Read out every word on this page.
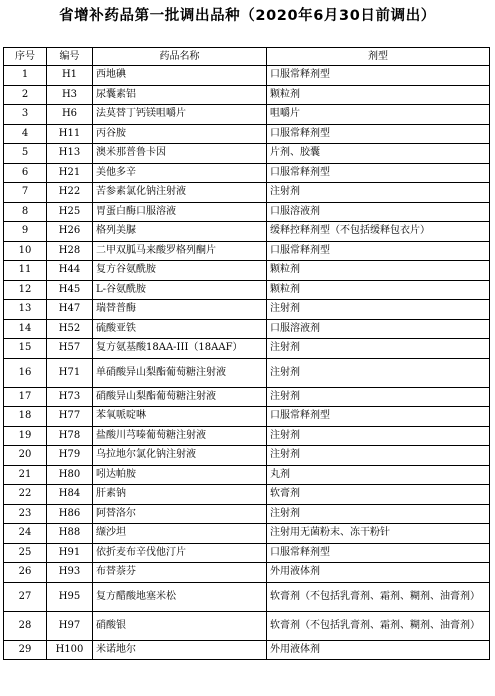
省增补药品第一批调出品种（2020年6月30日前调出）
序号	编号	药品名称	剂型
1	H1	西地碘	口服常释剂型
2	H3	尿囊素铝	颗粒剂
3	H6	法莫替丁钙镁咀嚼片	咀嚼片
4	H11	丙谷胺	口服常释剂型
5	H13	澳米那普鲁卡因	片剂、胶囊
6	H21	美他多辛	口服常释剂型
7	H22	苦参素氯化钠注射液	注射剂
8	H25	胃蛋白酶口服溶液	口服溶液剂
9	H26	格列美脲	缓释控释剂型（不包括缓释包衣片）
10	H28	二甲双胍马来酸罗格列酮片	口服常释剂型
11	H44	复方谷氨酰胺	颗粒剂
12	H45	L-谷氨酰胺	颗粒剂
13	H47	瑞替普酶	注射剂
14	H52	硫酸亚铁	口服溶液剂
15	H57	复方氨基酸18AA-III（18AAF）	注射剂
16	H71	单硝酸异山梨酯葡萄糖注射液	注射剂
17	H73	硝酸异山梨酯葡萄糖注射液	注射剂
18	H77	苯氧哌啶啉	口服常释剂型
19	H78	盐酸川芎嗪葡萄糖注射液	注射剂
20	H79	乌拉地尔氯化钠注射液	注射剂
21	H80	吲达帕胺	丸剂
22	H84	肝素钠	软膏剂
23	H86	阿替洛尔	注射剂
24	H88	缬沙坦	注射用无菌粉末、冻干粉针
25	H91	依折麦布辛伐他汀片	口服常释剂型
26	H93	布替萘芬	外用液体剂
27	H95	复方醋酸地塞米松	软膏剂（不包括乳膏剂、霜剂、糊剂、油膏剂）
28	H97	硝酸银	软膏剂（不包括乳膏剂、霜剂、糊剂、油膏剂）
29	H100	米诺地尔	外用液体剂
